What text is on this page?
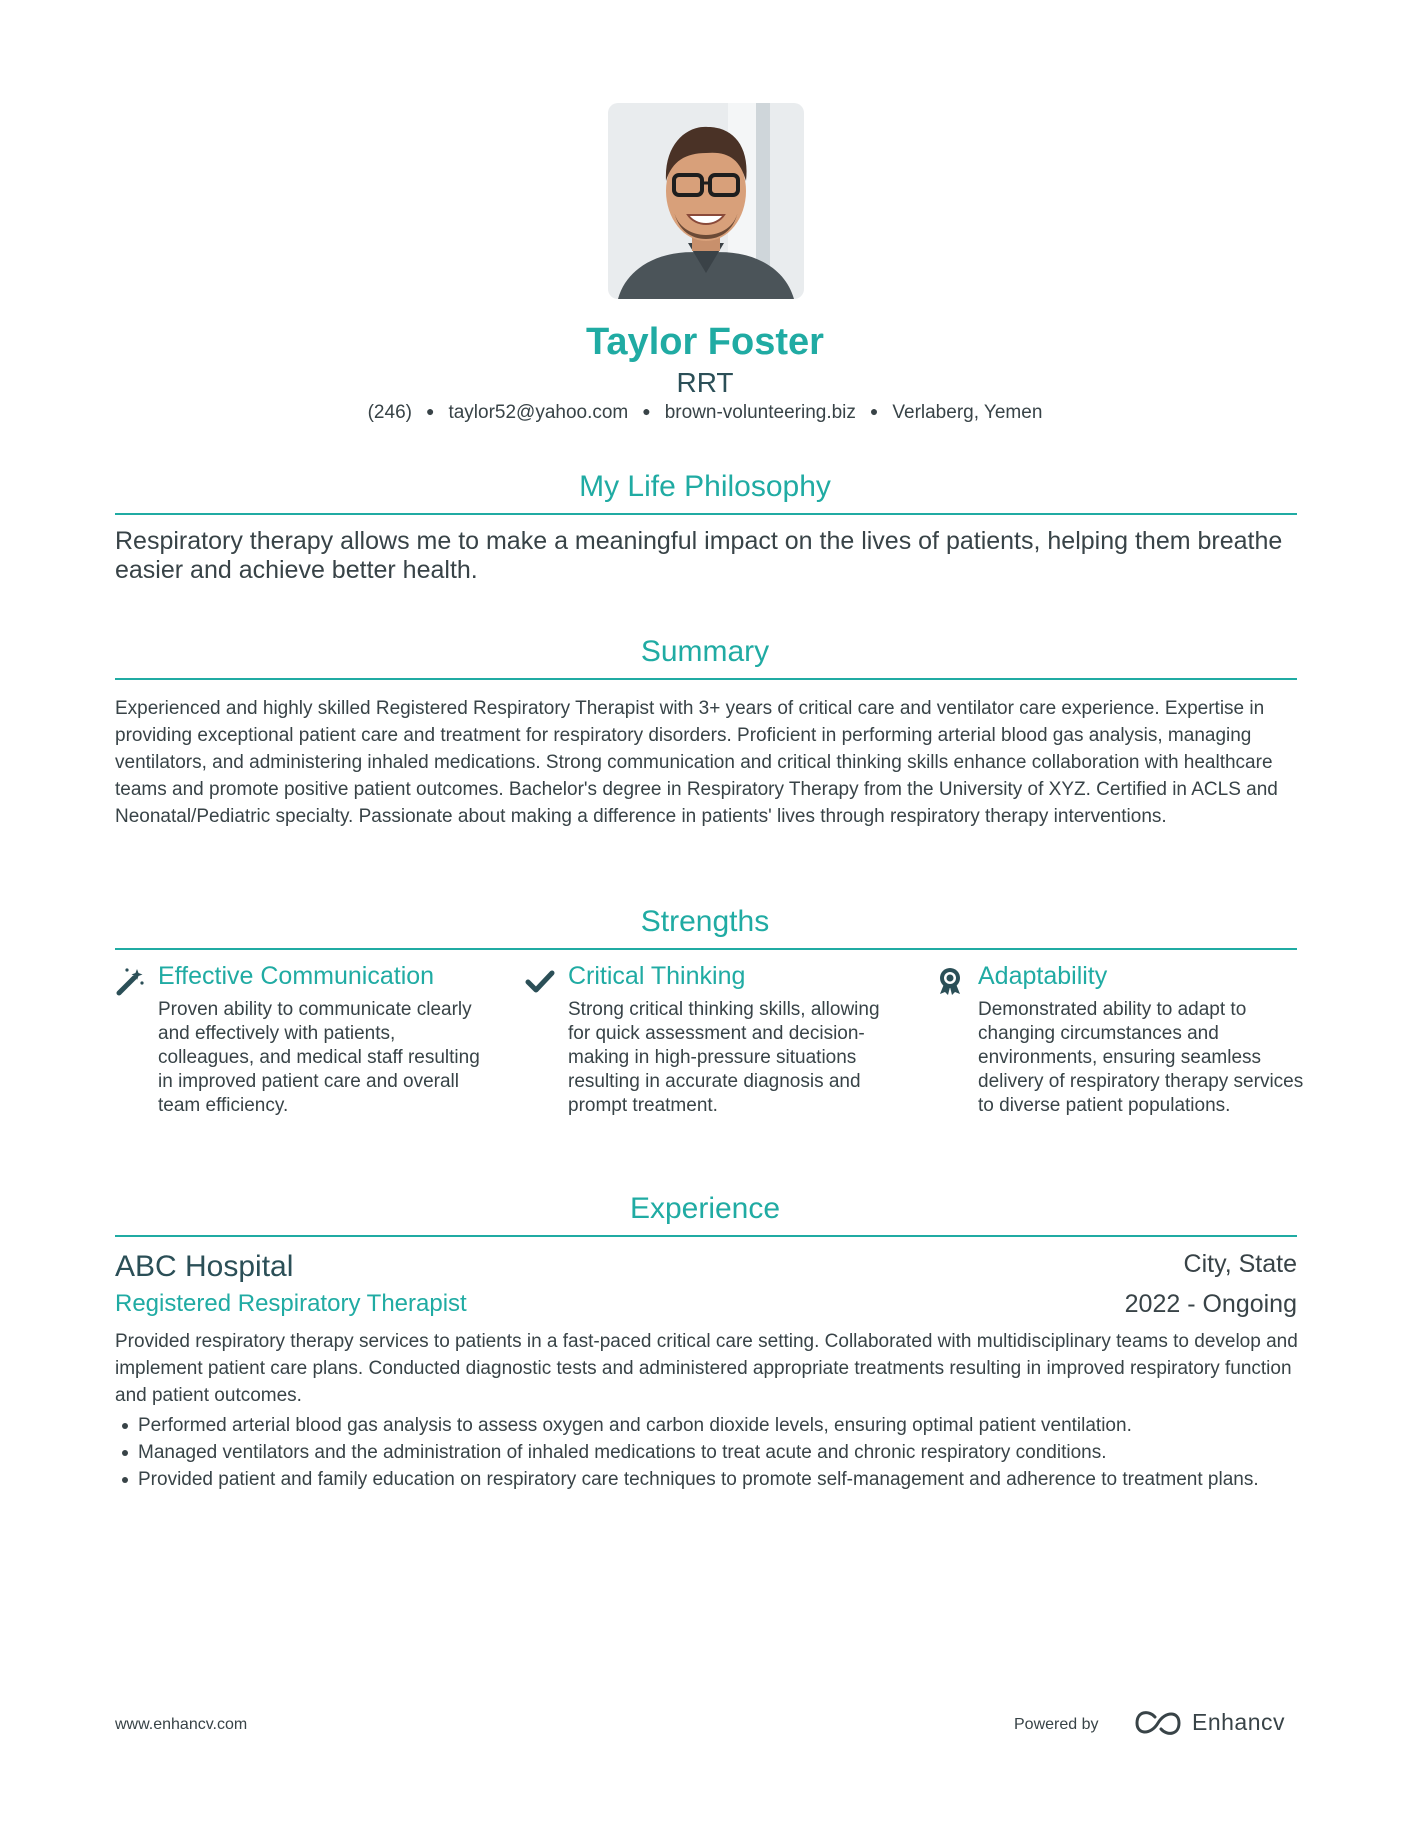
Taylor Foster
RRT
(246) ● taylor52@yahoo.com ● brown-volunteering.biz ● Verlaberg, Yemen
My Life Philosophy
Respiratory therapy allows me to make a meaningful impact on the lives of patients, helping them breathe easier and achieve better health.
Summary
Experienced and highly skilled Registered Respiratory Therapist with 3+ years of critical care and ventilator care experience. Expertise in providing exceptional patient care and treatment for respiratory disorders. Proficient in performing arterial blood gas analysis, managing ventilators, and administering inhaled medications. Strong communication and critical thinking skills enhance collaboration with healthcare teams and promote positive patient outcomes. Bachelor's degree in Respiratory Therapy from the University of XYZ. Certified in ACLS and Neonatal/Pediatric specialty. Passionate about making a difference in patients' lives through respiratory therapy interventions.
Strengths
Effective Communication
Proven ability to communicate clearly and effectively with patients, colleagues, and medical staff resulting in improved patient care and overall team efficiency.
Critical Thinking
Strong critical thinking skills, allowing for quick assessment and decision-making in high-pressure situations resulting in accurate diagnosis and prompt treatment.
Adaptability
Demonstrated ability to adapt to changing circumstances and environments, ensuring seamless delivery of respiratory therapy services to diverse patient populations.
Experience
ABC Hospital	City, State
Registered Respiratory Therapist	2022 - Ongoing
Provided respiratory therapy services to patients in a fast-paced critical care setting. Collaborated with multidisciplinary teams to develop and implement patient care plans. Conducted diagnostic tests and administered appropriate treatments resulting in improved respiratory function and patient outcomes.
Performed arterial blood gas analysis to assess oxygen and carbon dioxide levels, ensuring optimal patient ventilation.
Managed ventilators and the administration of inhaled medications to treat acute and chronic respiratory conditions.
Provided patient and family education on respiratory care techniques to promote self-management and adherence to treatment plans.
www.enhancv.com	Powered by	Enhancv
